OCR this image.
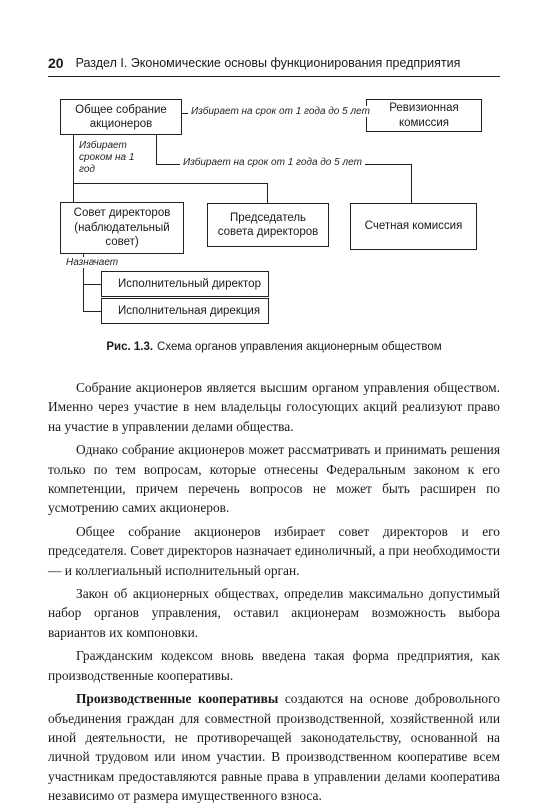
20 Раздел I. Экономические основы функционирования предприятия
Общее собрание акционеров
Ревизионная комиссия
Совет директоров (наблюдательный совет)
Председатель совета директоров	Счетная комиссия
Исполнительный директор
Исполнительная дирекция
Избирает на срок от 1 года до 5 лет
Избирает на срок от 1 года до 5 лет
Избирает сроком на 1 год
Назначает
Рис. 1.3. Схема органов управления акционерным обществом

Собрание акционеров является высшим органом управления обществом. Именно через участие в нем владельцы голосующих акций реализуют право на участие в управлении делами общества.

Однако собрание акционеров может рассматривать и принимать решения только по тем вопросам, которые отнесены Федеральным законом к его компетенции, причем перечень вопросов не может быть расширен по усмотрению самих акционеров.

Общее собрание акционеров избирает совет директоров и его председателя. Совет директоров назначает единоличный, а при необходимости — и коллегиальный исполнительный орган.

Закон об акционерных обществах, определив максимально допустимый набор органов управления, оставил акционерам возможность выбора вариантов их компоновки.

Гражданским кодексом вновь введена такая форма предприятия, как производственные кооперативы.

Производственные кооперативы создаются на основе добровольного объединения граждан для совместной производственной, хозяйственной или иной деятельности, не противоречащей законодательству, основанной на личной трудовом или ином участии. В производственном кооперативе всем участникам предоставляются равные права в управлении делами кооператива независимо от размера имущественного взноса.
